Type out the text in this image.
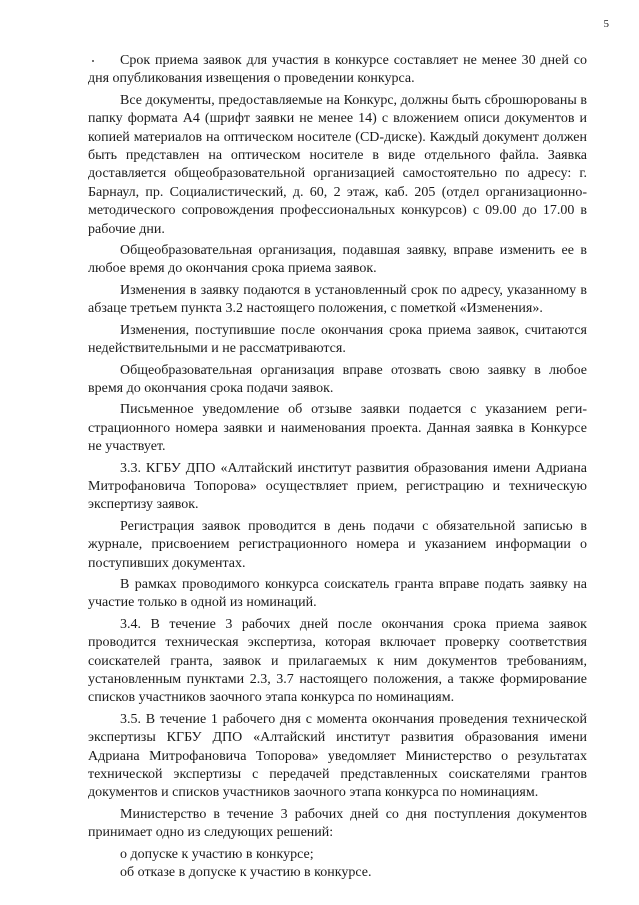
5

Срок приема заявок для участия в конкурсе составляет не менее 30 дней со дня опубликования извещения о проведении конкурса.

Все документы, предоставляемые на Конкурс, должны быть сброшюрованы в папку формата А4 (шрифт заявки не менее 14) с вложением описи документов и копией материалов на оптическом носителе (CD-диске). Каждый документ должен быть представлен на оптическом носителе в виде отдельного файла. Заявка доставляется общеобразовательной организацией самостоятельно по адресу: г. Барнаул, пр. Социалистический, д. 60, 2 этаж, каб. 205 (отдел организационно-методического сопровождения профессиональных конкурсов) с 09.00 до 17.00 в рабочие дни.

Общеобразовательная организация, подавшая заявку, вправе изменить ее в любое время до окончания срока приема заявок.

Изменения в заявку подаются в установленный срок по адресу, указанному в абзаце третьем пункта 3.2 настоящего положения, с пометкой «Изменения».

Изменения, поступившие после окончания срока приема заявок, считаются недействительными и не рассматриваются.

Общеобразовательная организация вправе отозвать свою заявку в любое время до окончания срока подачи заявок.

Письменное уведомление об отзыве заявки подается с указанием регистрационного номера заявки и наименования проекта. Данная заявка в Конкурсе не участвует.

3.3. КГБУ ДПО «Алтайский институт развития образования имени Адриана Митрофановича Топорова» осуществляет прием, регистрацию и техническую экспертизу заявок.

Регистрация заявок проводится в день подачи с обязательной записью в журнале, присвоением регистрационного номера и указанием информации о поступивших документах.

В рамках проводимого конкурса соискатель гранта вправе подать заявку на участие только в одной из номинаций.

3.4. В течение 3 рабочих дней после окончания срока приема заявок проводится техническая экспертиза, которая включает проверку соответствия соискателей гранта, заявок и прилагаемых к ним документов требованиям, установленным пунктами 2.3, 3.7 настоящего положения, а также формирование списков участников заочного этапа конкурса по номинациям.

3.5. В течение 1 рабочего дня с момента окончания проведения технической экспертизы КГБУ ДПО «Алтайский институт развития образования имени Адриана Митрофановича Топорова» уведомляет Министерство о результатах технической экспертизы с передачей представленных соискателями грантов документов и списков участников заочного этапа конкурса по номинациям.

Министерство в течение 3 рабочих дней со дня поступления документов принимает одно из следующих решений:

о допуске к участию в конкурсе;

об отказе в допуске к участию в конкурсе.
